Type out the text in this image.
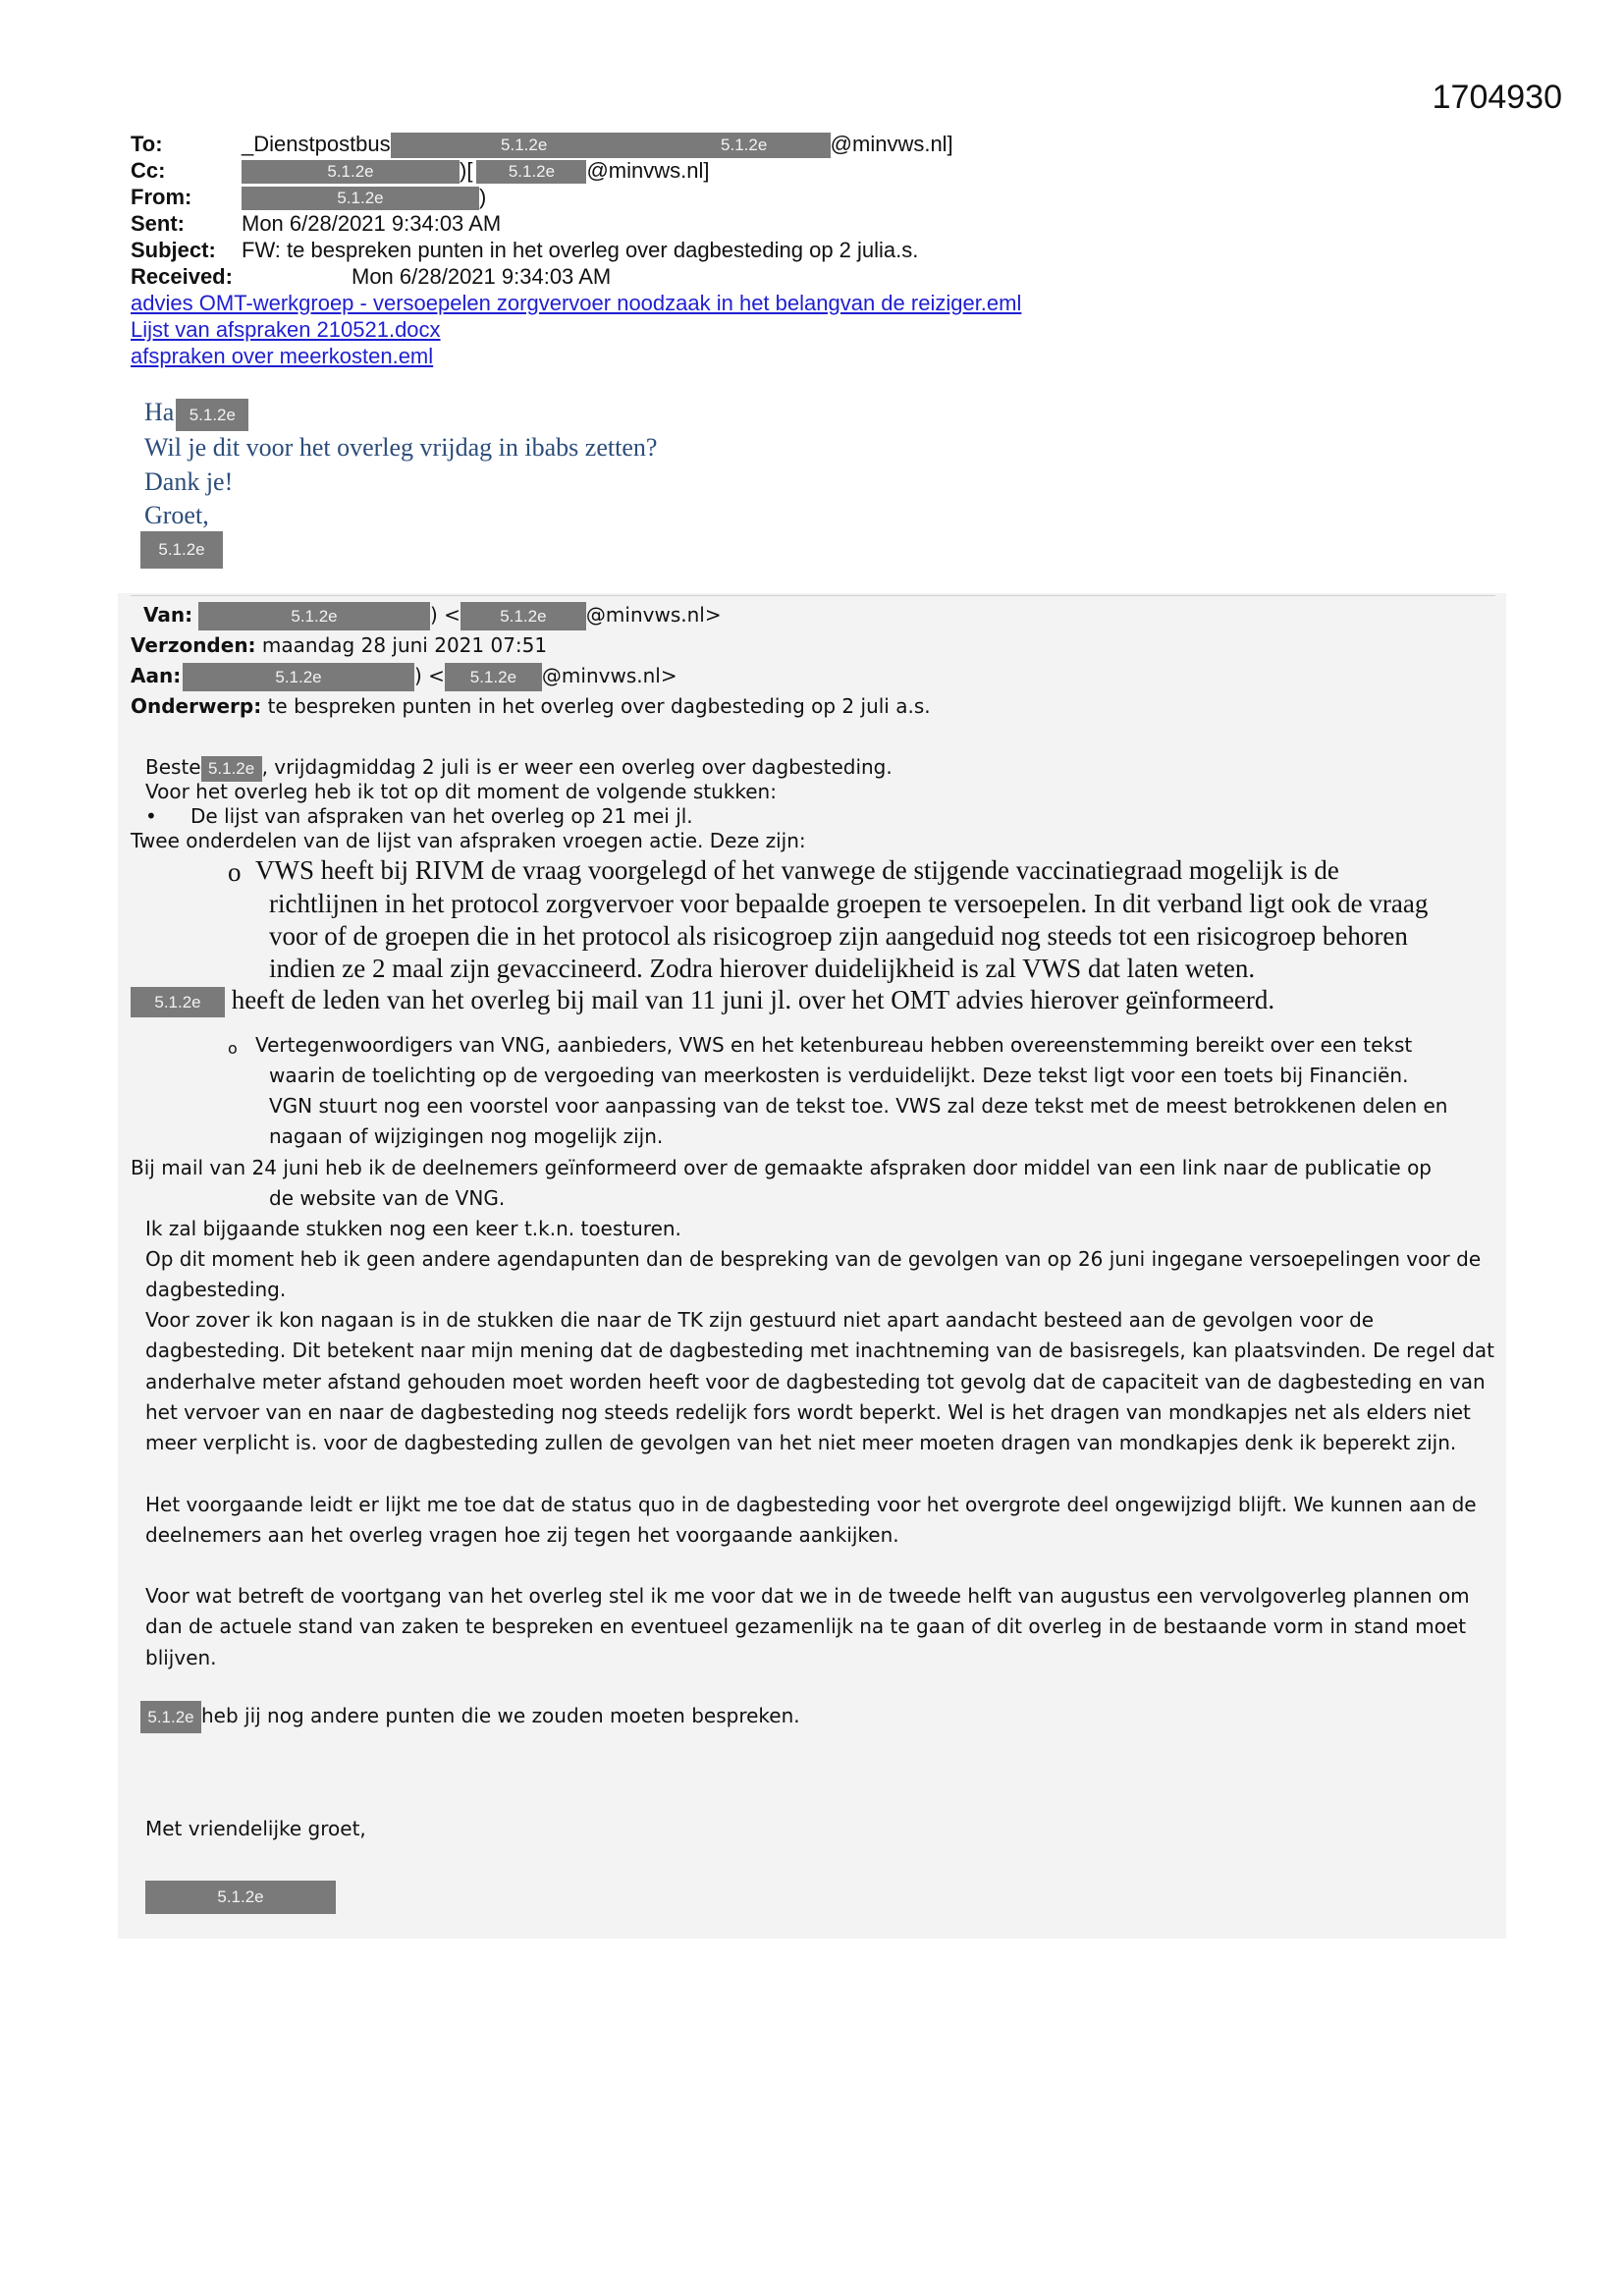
1704930
To:	_Dienstpostbus	5.1.2e	5.1.2e	@minvws.nl]
Cc:	5.1.2e	)[ 5.1.2e @minvws.nl]
From:	5.1.2e	)
Sent:	Mon 6/28/2021 9:34:03 AM
Subject: FW: te bespreken punten in het overleg over dagbesteding op 2 julia.s.
Received:	Mon 6/28/2021 9:34:03 AM
advies OMT-werkgroep - versoepelen zorgvervoer noodzaak in het belangvan de reiziger.eml
Lijst van afspraken 210521.docx
afspraken over meerkosten.eml
Ha 5.1.2e
Wil je dit voor het overleg vrijdag in ibabs zetten?
Dank je!
Groet,
5.1.2e
Van:	5.1.2e	) < 5.1.2e @minvws.nl>
Verzonden: maandag 28 juni 2021 07:51
Aan:	5.1.2e	) < 5.1.2e @minvws.nl>
Onderwerp: te bespreken punten in het overleg over dagbesteding op 2 juli a.s.
Beste 5.1.2e , vrijdagmiddag 2 juli is er weer een overleg over dagbesteding.
Voor het overleg heb ik tot op dit moment de volgende stukken:
• De lijst van afspraken van het overleg op 21 mei jl.
Twee onderdelen van de lijst van afspraken vroegen actie. Deze zijn:
o VWS heeft bij RIVM de vraag voorgelegd of het vanwege de stijgende vaccinatiegraad mogelijk is de
richtlijnen in het protocol zorgvervoer voor bepaalde groepen te versoepelen. In dit verband ligt ook de vraag
voor of de groepen die in het protocol als risicogroep zijn aangeduid nog steeds tot een risicogroep behoren
indien ze 2 maal zijn gevaccineerd. Zodra hierover duidelijkheid is zal VWS dat laten weten.
5.1.2e heeft de leden van het overleg bij mail van 11 juni jl. over het OMT advies hierover geïnformeerd.
o Vertegenwoordigers van VNG, aanbieders, VWS en het ketenbureau hebben overeenstemming bereikt over een tekst
waarin de toelichting op de vergoeding van meerkosten is verduidelijkt. Deze tekst ligt voor een toets bij Financiën.
VGN stuurt nog een voorstel voor aanpassing van de tekst toe. VWS zal deze tekst met de meest betrokkenen delen en
nagaan of wijzigingen nog mogelijk zijn.
Bij mail van 24 juni heb ik de deelnemers geïnformeerd over de gemaakte afspraken door middel van een link naar de publicatie op
de website van de VNG.
Ik zal bijgaande stukken nog een keer t.k.n. toesturen.
Op dit moment heb ik geen andere agendapunten dan de bespreking van de gevolgen van op 26 juni ingegane versoepelingen voor de dagbesteding.
Voor zover ik kon nagaan is in de stukken die naar de TK zijn gestuurd niet apart aandacht besteed aan de gevolgen voor de dagbesteding. Dit betekent naar mijn mening dat de dagbesteding met inachtneming van de basisregels, kan plaatsvinden. De regel dat anderhalve meter afstand gehouden moet worden heeft voor de dagbesteding tot gevolg dat de capaciteit van de dagbesteding en van het vervoer van en naar de dagbesteding nog steeds redelijk fors wordt beperkt. Wel is het dragen van mondkapjes net als elders niet meer verplicht is. voor de dagbesteding zullen de gevolgen van het niet meer moeten dragen van mondkapjes denk ik beperekt zijn.
Het voorgaande leidt er lijkt me toe dat de status quo in de dagbesteding voor het overgrote deel ongewijzigd blijft. We kunnen aan de deelnemers aan het overleg vragen hoe zij tegen het voorgaande aankijken.
Voor wat betreft de voortgang van het overleg stel ik me voor dat we in de tweede helft van augustus een vervolgoverleg plannen om dan de actuele stand van zaken te bespreken en eventueel gezamenlijk na te gaan of dit overleg in de bestaande vorm in stand moet blijven.
5.1.2e heb jij nog andere punten die we zouden moeten bespreken.
Met vriendelijke groet,
5.1.2e
